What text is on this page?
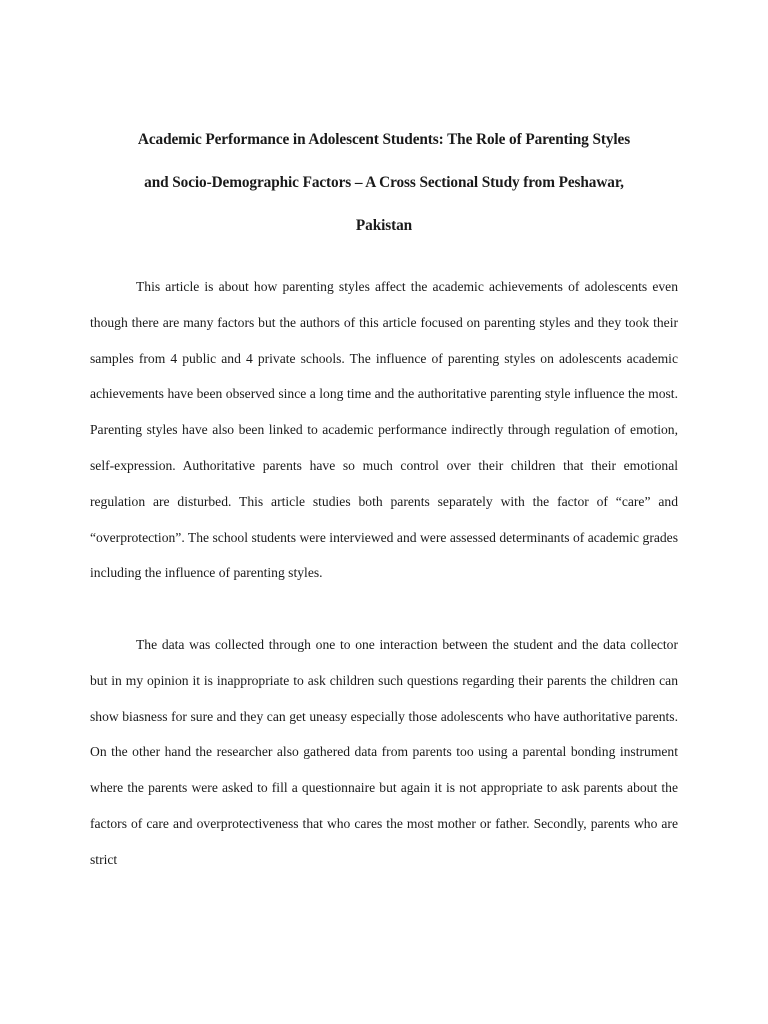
Academic Performance in Adolescent Students: The Role of Parenting Styles
and Socio-Demographic Factors – A Cross Sectional Study from Peshawar,
Pakistan

This article is about how parenting styles affect the academic achievements of adolescents even though there are many factors but the authors of this article focused on parenting styles and they took their samples from 4 public and 4 private schools. The influence of parenting styles on adolescents academic achievements have been observed since a long time and the authoritative parenting style influence the most. Parenting styles have also been linked to academic performance indirectly through regulation of emotion, self-expression. Authoritative parents have so much control over their children that their emotional regulation are disturbed. This article studies both parents separately with the factor of “care” and “overprotection”. The school students were interviewed and were assessed determinants of academic grades including the influence of parenting styles.

The data was collected through one to one interaction between the student and the data collector but in my opinion it is inappropriate to ask children such questions regarding their parents the children can show biasness for sure and they can get uneasy especially those adolescents who have authoritative parents. On the other hand the researcher also gathered data from parents too using a parental bonding instrument where the parents were asked to fill a questionnaire but again it is not appropriate to ask parents about the factors of care and overprotectiveness that who cares the most mother or father. Secondly, parents who are strict
